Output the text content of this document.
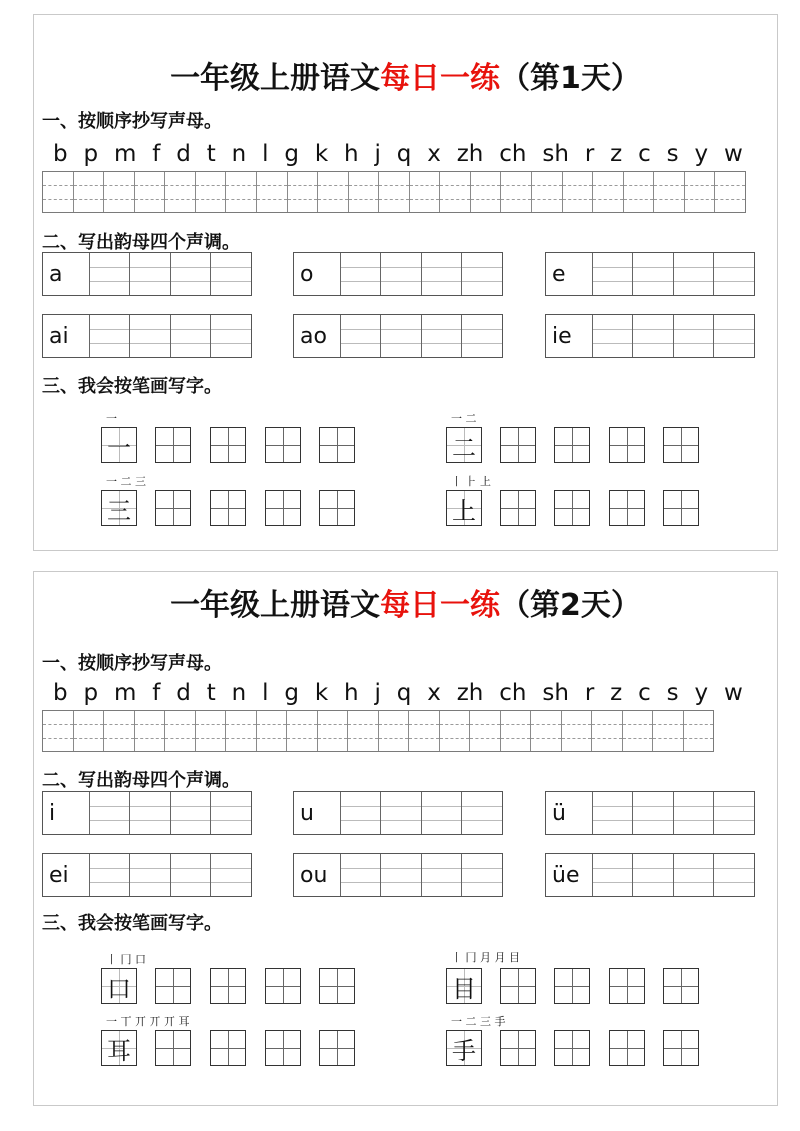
一年级上册语文每日一练（第1天）
一、按顺序抄写声母。
b p m f d t n l g k h j q x zh ch sh r z c s y w
二、写出韵母四个声调。
a	o	e
ai	ao	ie
三、我会按笔画写字。
一
一
一 二
二
一 二 三
三
丨 ⺊ 上
上
一年级上册语文每日一练（第2天）
一、按顺序抄写声母。
b p m f d t n l g k h j q x zh ch sh r z c s y w
二、写出韵母四个声调。
i	u	ü
ei	ou	üe
三、我会按笔画写字。
丨 冂 口
口
丨 冂 月 月 目
目
一 丅 丌 丌 丌 耳
耳
一 二 三 手
手
